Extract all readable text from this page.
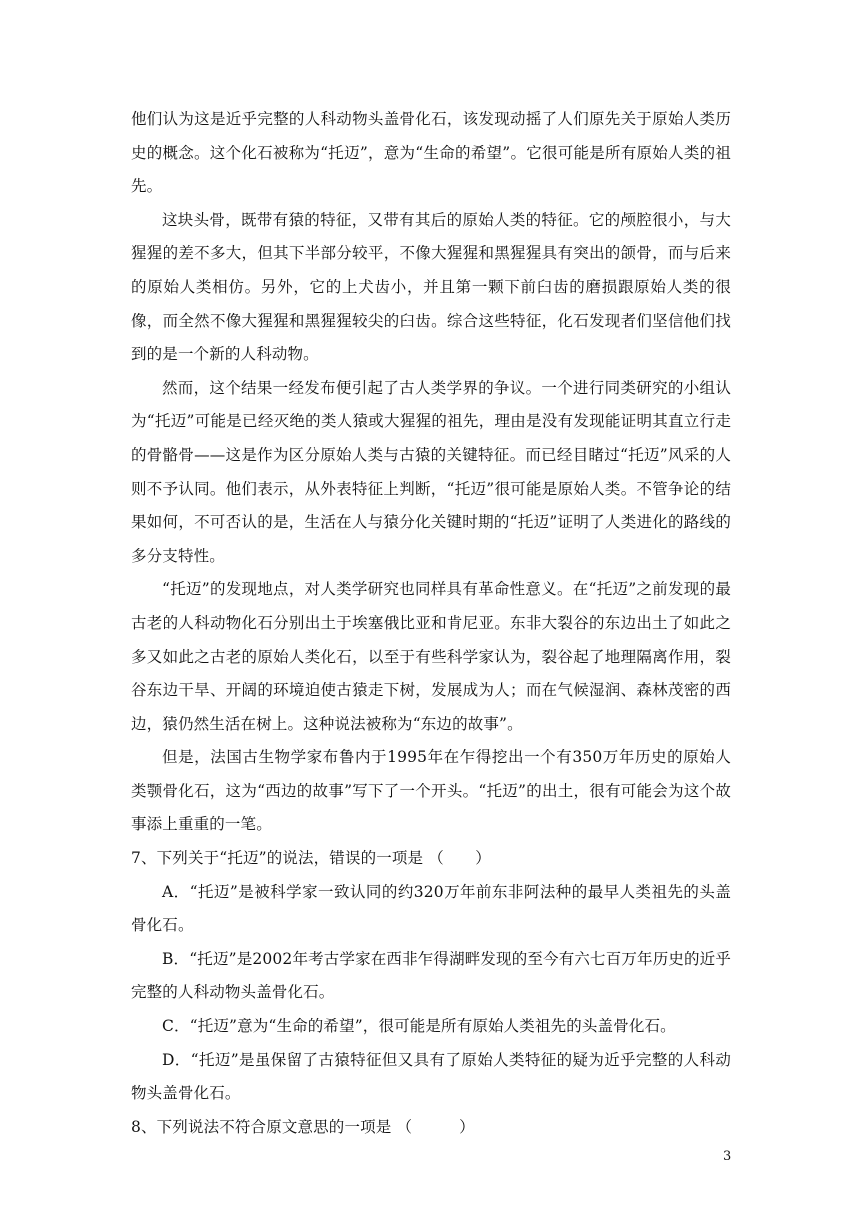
他们认为这是近乎完整的人科动物头盖骨化石，该发现动摇了人们原先关于原始人类历史的概念。这个化石被称为“托迈”，意为“生命的希望”。它很可能是所有原始人类的祖先。

这块头骨，既带有猿的特征，又带有其后的原始人类的特征。它的颅腔很小，与大猩猩的差不多大，但其下半部分较平，不像大猩猩和黑猩猩具有突出的颌骨，而与后来的原始人类相仿。另外，它的上犬齿小，并且第一颗下前臼齿的磨损跟原始人类的很像，而全然不像大猩猩和黑猩猩较尖的臼齿。综合这些特征，化石发现者们坚信他们找到的是一个新的人科动物。

然而，这个结果一经发布便引起了古人类学界的争议。一个进行同类研究的小组认为“托迈”可能是已经灭绝的类人猿或大猩猩的祖先，理由是没有发现能证明其直立行走的骨骼骨——这是作为区分原始人类与古猿的关键特征。而已经目睹过“托迈”风采的人则不予认同。他们表示，从外表特征上判断，“托迈”很可能是原始人类。不管争论的结果如何，不可否认的是，生活在人与猿分化关键时期的“托迈”证明了人类进化的路线的多分支特性。

“托迈”的发现地点，对人类学研究也同样具有革命性意义。在“托迈”之前发现的最古老的人科动物化石分别出土于埃塞俄比亚和肯尼亚。东非大裂谷的东边出土了如此之多又如此之古老的原始人类化石，以至于有些科学家认为，裂谷起了地理隔离作用，裂谷东边干旱、开阔的环境迫使古猿走下树，发展成为人；而在气候湿润、森林茂密的西边，猿仍然生活在树上。这种说法被称为“东边的故事”。

但是，法国古生物学家布鲁内于1995年在乍得挖出一个有350万年历史的原始人类颚骨化石，这为“西边的故事”写下了一个开头。“托迈”的出土，很有可能会为这个故事添上重重的一笔。

7、下列关于“托迈”的说法，错误的一项是 （　　）

A．“托迈”是被科学家一致认同的约320万年前东非阿法种的最早人类祖先的头盖骨化石。

B．“托迈”是2002年考古学家在西非乍得湖畔发现的至今有六七百万年历史的近乎完整的人科动物头盖骨化石。

C．“托迈”意为“生命的希望”，很可能是所有原始人类祖先的头盖骨化石。

D．“托迈”是虽保留了古猿特征但又具有了原始人类特征的疑为近乎完整的人科动物头盖骨化石。

8、下列说法不符合原文意思的一项是 （　　　）

3
